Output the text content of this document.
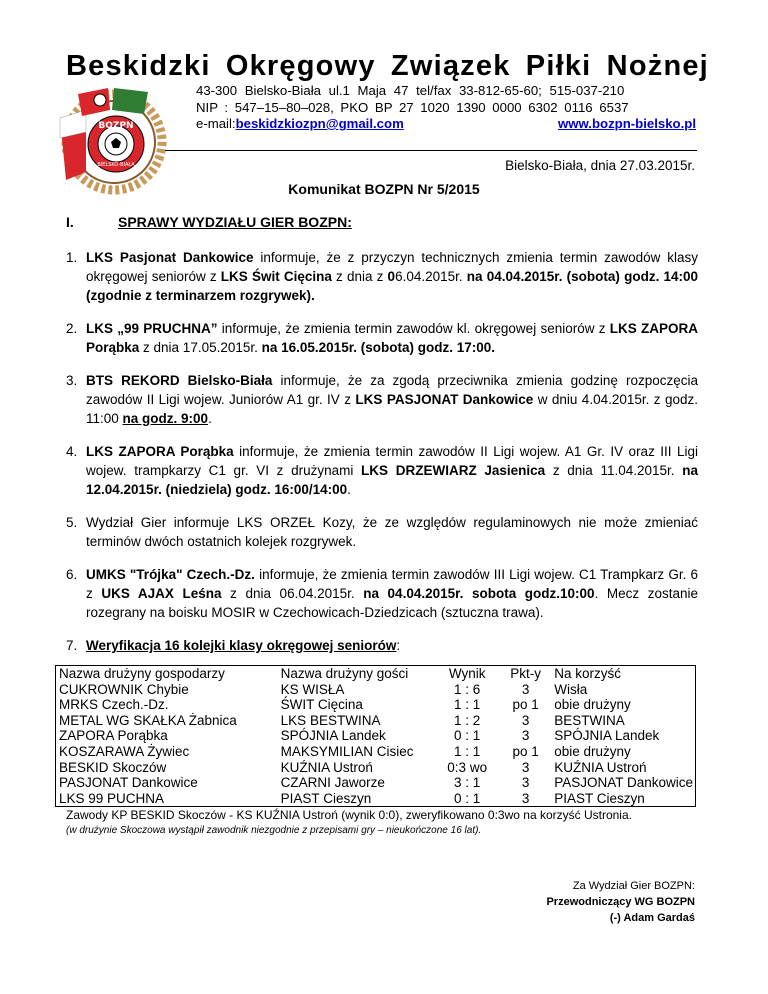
Beskidzki Okręgowy Związek Piłki Nożnej
BOZPN
BIELSKO-BIAŁA
43-300 Bielsko-Biała ul.1 Maja 47 tel/fax 33-812-65-60; 515-037-210
NIP : 547–15–80–028, PKO BP 27 1020 1390 0000 6302 0116 6537
e-mail:beskidzkiozpn@gmail.com	www.bozpn-bielsko.pl
Bielsko-Biała, dnia 27.03.2015r.
Komunikat BOZPN Nr 5/2015
I.	SPRAWY WYDZIAŁU GIER BOZPN:
1. LKS Pasjonat Dankowice informuje, że z przyczyn technicznych zmienia termin zawodów klasy okręgowej seniorów z LKS Świt Cięcina z dnia z 06.04.2015r. na 04.04.2015r. (sobota) godz. 14:00 (zgodnie z terminarzem rozgrywek).
2. LKS „99 PRUCHNA” informuje, że zmienia termin zawodów kl. okręgowej seniorów z LKS ZAPORA Porąbka z dnia 17.05.2015r. na 16.05.2015r. (sobota) godz. 17:00.
3. BTS REKORD Bielsko-Biała informuje, że za zgodą przeciwnika zmienia godzinę rozpoczęcia zawodów II Ligi wojew. Juniorów A1 gr. IV z LKS PASJONAT Dankowice w dniu 4.04.2015r. z godz. 11:00 na godz. 9:00.
4. LKS ZAPORA Porąbka informuje, że zmienia termin zawodów II Ligi wojew. A1 Gr. IV oraz III Ligi wojew. trampkarzy C1 gr. VI z drużynami LKS DRZEWIARZ Jasienica z dnia 11.04.2015r. na 12.04.2015r. (niedziela) godz. 16:00/14:00.
5. Wydział Gier informuje LKS ORZEŁ Kozy, że ze względów regulaminowych nie może zmieniać terminów dwóch ostatnich kolejek rozgrywek.
6. UMKS "Trójka" Czech.-Dz. informuje, że zmienia termin zawodów III Ligi wojew. C1 Trampkarz Gr. 6 z UKS AJAX Leśna z dnia 06.04.2015r. na 04.04.2015r. sobota godz.10:00. Mecz zostanie rozegrany na boisku MOSIR w Czechowicach-Dziedzicach (sztuczna trawa).
7. Weryfikacja 16 kolejki klasy okręgowej seniorów:
Nazwa drużyny gospodarzy	Nazwa drużyny gości	Wynik	Pkt-y	Na korzyść
CUKROWNIK Chybie	KS WISŁA	1 : 6	3	Wisła
MRKS Czech.-Dz.	ŚWIT Cięcina	1 : 1	po 1	obie drużyny
METAL WG SKAŁKA Żabnica	LKS BESTWINA	1 : 2	3	BESTWINA
ZAPORA Porąbka	SPÓJNIA Landek	0 : 1	3	SPÓJNIA Landek
KOSZARAWA Żywiec	MAKSYMILIAN Cisiec	1 : 1	po 1	obie drużyny
BESKID Skoczów	KUŹNIA Ustroń	0:3 wo	3	KUŹNIA Ustroń
PASJONAT Dankowice	CZARNI Jaworze	3 : 1	3	PASJONAT Dankowice
LKS 99 PUCHNA	PIAST Cieszyn	0 : 1	3	PIAST Cieszyn
Zawody KP BESKID Skoczów - KS KUŹNIA Ustroń (wynik 0:0), zweryfikowano 0:3wo na korzyść Ustronia.
(w drużynie Skoczowa wystąpił zawodnik niezgodnie z przepisami gry – nieukończone 16 lat).
Za Wydział Gier BOZPN:
Przewodniczący WG BOZPN
(-) Adam Gardaś
